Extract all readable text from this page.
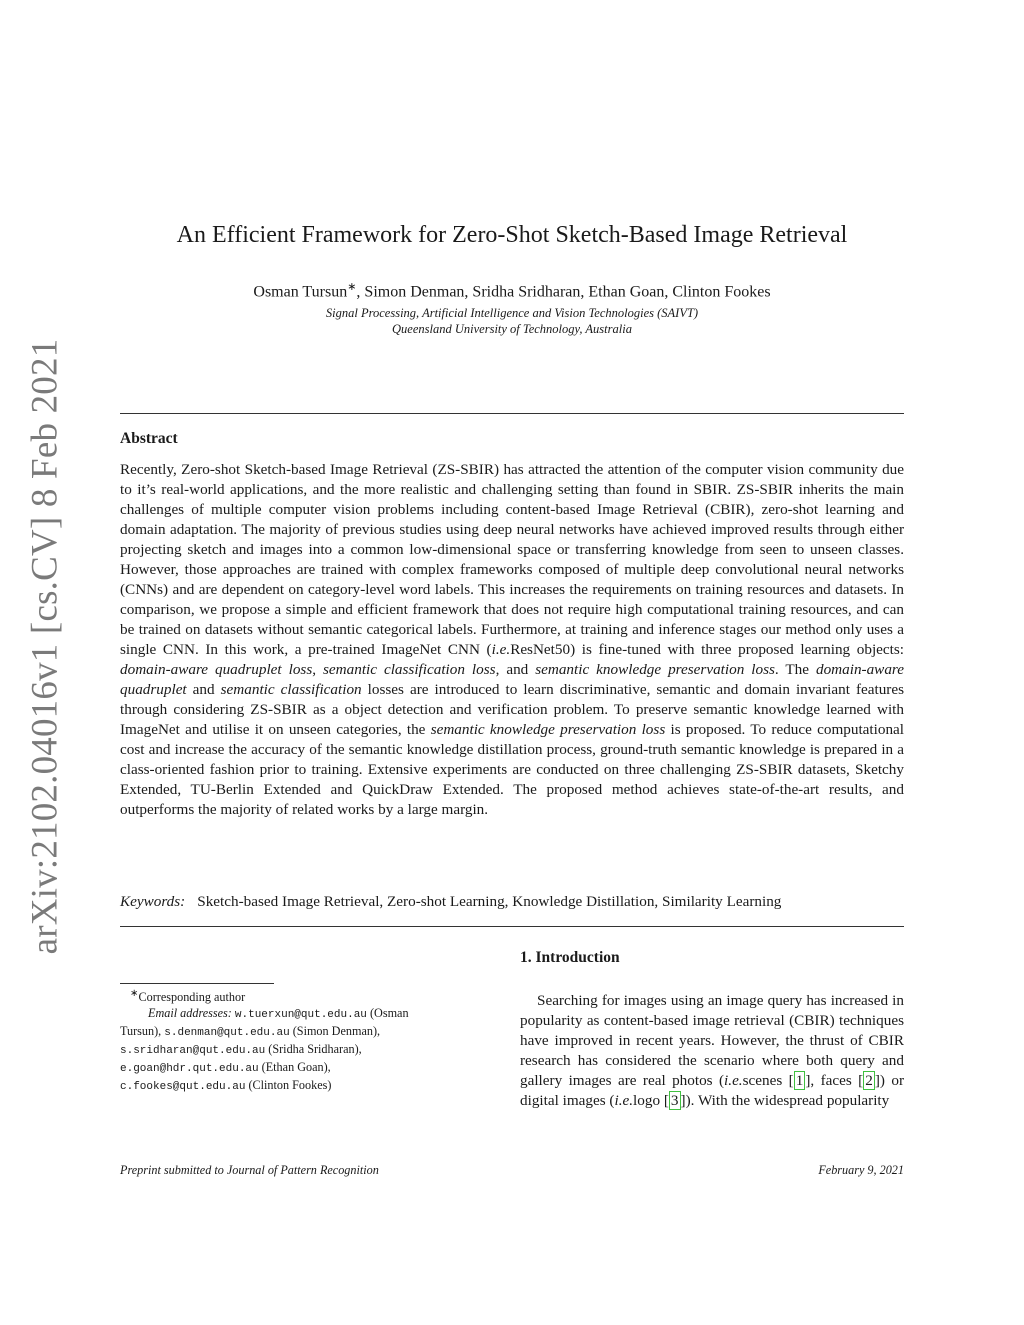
arXiv:2102.04016v1 [cs.CV] 8 Feb 2021
An Efficient Framework for Zero-Shot Sketch-Based Image Retrieval
Osman Tursun∗, Simon Denman, Sridha Sridharan, Ethan Goan, Clinton Fookes
Signal Processing, Artificial Intelligence and Vision Technologies (SAIVT)
Queensland University of Technology, Australia
Abstract

Recently, Zero-shot Sketch-based Image Retrieval (ZS-SBIR) has attracted the attention of the computer vision community due to it’s real-world applications, and the more realistic and challenging setting than found in SBIR. ZS-SBIR inherits the main challenges of multiple computer vision problems including content-based Image Retrieval (CBIR), zero-shot learning and domain adaptation. The majority of previous studies using deep neural networks have achieved improved results through either projecting sketch and images into a common low-dimensional space or transferring knowledge from seen to unseen classes. However, those approaches are trained with complex frameworks composed of multiple deep convolutional neural networks (CNNs) and are dependent on category-level word labels. This increases the requirements on training resources and datasets. In comparison, we propose a simple and efficient framework that does not require high computational training resources, and can be trained on datasets without semantic categorical labels. Furthermore, at training and inference stages our method only uses a single CNN. In this work, a pre-trained ImageNet CNN (i.e.ResNet50) is fine-tuned with three proposed learning objects: domain-aware quadruplet loss, semantic classification loss, and semantic knowledge preservation loss. The domain-aware quadruplet and semantic classification losses are introduced to learn discriminative, semantic and domain invariant features through considering ZS-SBIR as a object detection and verification problem. To preserve semantic knowledge learned with ImageNet and utilise it on unseen categories, the semantic knowledge preservation loss is proposed. To reduce computational cost and increase the accuracy of the semantic knowledge distillation process, ground-truth semantic knowledge is prepared in a class-oriented fashion prior to training. Extensive experiments are conducted on three challenging ZS-SBIR datasets, Sketchy Extended, TU-Berlin Extended and QuickDraw Extended. The proposed method achieves state-of-the-art results, and outperforms the majority of related works by a large margin.

Keywords: Sketch-based Image Retrieval, Zero-shot Learning, Knowledge Distillation, Similarity Learning
∗Corresponding author
Email addresses: w.tuerxun@qut.edu.au (Osman
Tursun), s.denman@qut.edu.au (Simon Denman),
s.sridharan@qut.edu.au (Sridha Sridharan),
e.goan@hdr.qut.edu.au (Ethan Goan),
c.fookes@qut.edu.au (Clinton Fookes)
1. Introduction

Searching for images using an image query has increased in popularity as content-based image retrieval (CBIR) techniques have improved in recent years. However, the thrust of CBIR research has considered the scenario where both query and gallery images are real photos (i.e.scenes [ 1 ], faces [ 2 ]) or digital images (i.e.logo [ 3 ]). With the widespread popularity

Preprint submitted to Journal of Pattern Recognition	February 9, 2021
